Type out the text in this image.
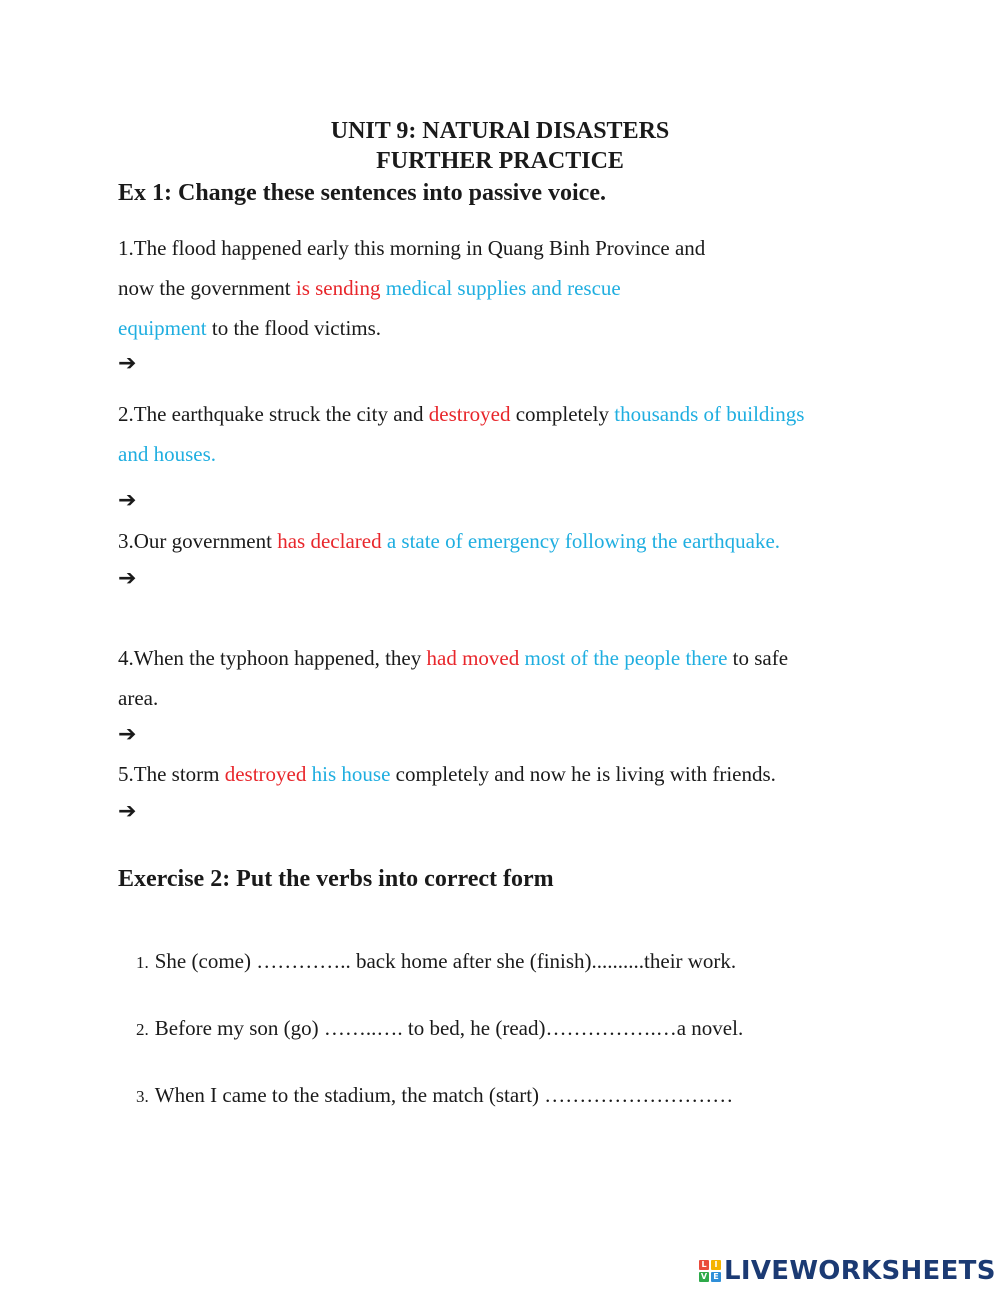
UNIT 9: NATURAl DISASTERS
FURTHER PRACTICE
Ex 1: Change these sentences into passive voice.
1.The flood happened early this morning in Quang Binh Province and
now the government is sending medical supplies and rescue
equipment to the flood victims.
➔
2.The earthquake struck the city and destroyed completely thousands of buildings
and houses.
➔
3.Our government has declared a state of emergency following the earthquake.
➔
4.When the typhoon happened, they had moved most of the people there to safe
area.
➔
5.The storm destroyed his house completely and now he is living with friends.
➔
Exercise 2: Put the verbs into correct form
1. She (come) ………….. back home after she (finish)..........their work.
2. Before my son (go) ……..…. to bed, he (read)…………….…a novel.
3. When I came to the stadium, the match (start) ………………………
L I
V E LIVEWORKSHEETS
